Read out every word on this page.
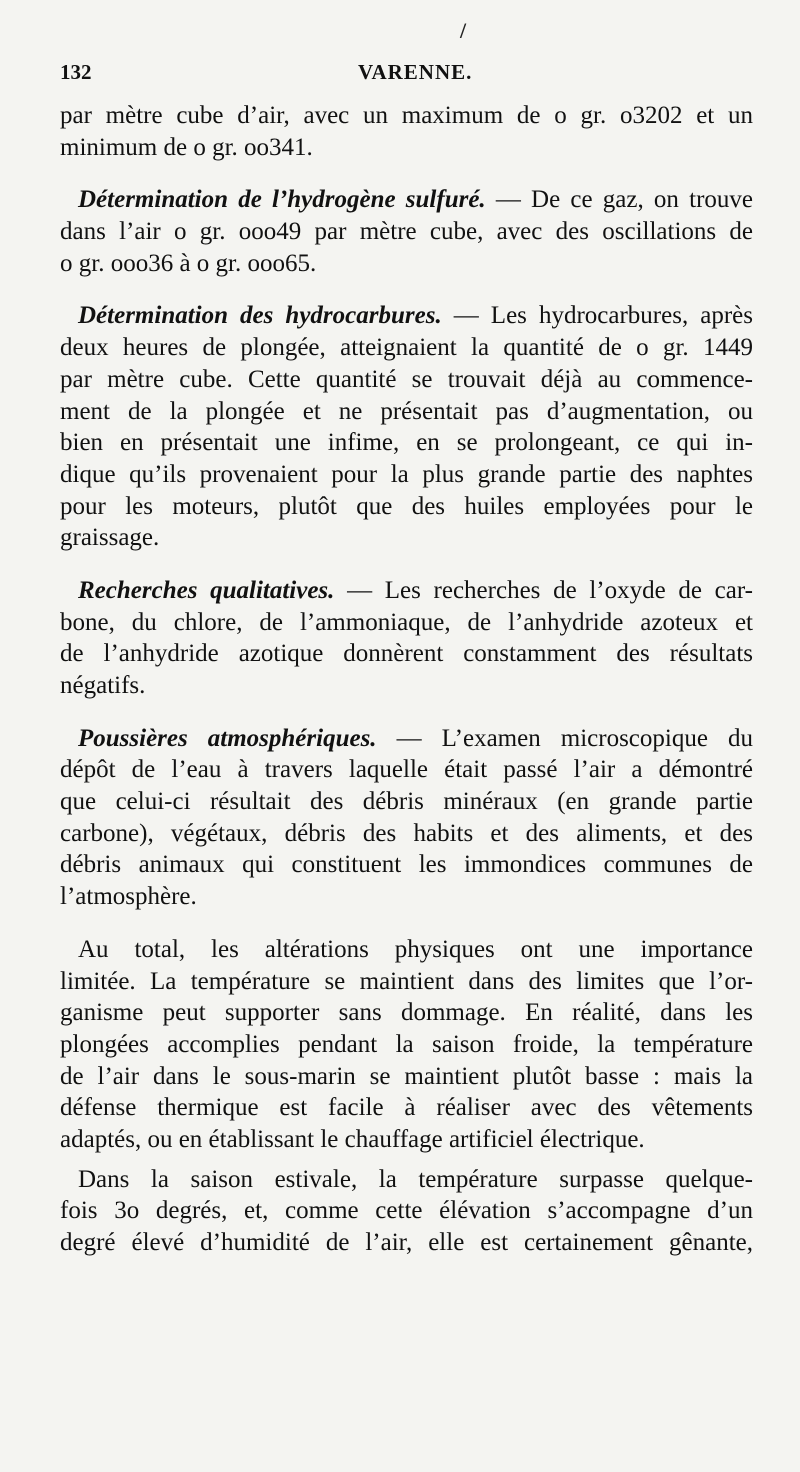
/
132	VARENNE.
par mètre cube d’air, avec un maximum de o gr. o3202 et un
minimum de o gr. oo341.
Détermination de l’hydrogène sulfuré. — De ce gaz, on trouve
dans l’air o gr. ooo49 par mètre cube, avec des oscillations de
o gr. ooo36 à o gr. ooo65.
Détermination des hydrocarbures. — Les hydrocarbures, après
deux heures de plongée, atteignaient la quantité de o gr. 1449
par mètre cube. Cette quantité se trouvait déjà au commence-
ment de la plongée et ne présentait pas d’augmentation, ou
bien en présentait une infime, en se prolongeant, ce qui in-
dique qu’ils provenaient pour la plus grande partie des naphtes
pour les moteurs, plutôt que des huiles employées pour le
graissage.
Recherches qualitatives. — Les recherches de l’oxyde de car-
bone, du chlore, de l’ammoniaque, de l’anhydride azoteux et
de l’anhydride azotique donnèrent constamment des résultats
négatifs.
Poussières atmosphériques. — L’examen microscopique du
dépôt de l’eau à travers laquelle était passé l’air a démontré
que celui-ci résultait des débris minéraux (en grande partie
carbone), végétaux, débris des habits et des aliments, et des
débris animaux qui constituent les immondices communes de
l’atmosphère.
Au total, les altérations physiques ont une importance
limitée. La température se maintient dans des limites que l’or-
ganisme peut supporter sans dommage. En réalité, dans les
plongées accomplies pendant la saison froide, la température
de l’air dans le sous-marin se maintient plutôt basse : mais la
défense thermique est facile à réaliser avec des vêtements
adaptés, ou en établissant le chauffage artificiel électrique.
Dans la saison estivale, la température surpasse quelque-
fois 3o degrés, et, comme cette élévation s’accompagne d’un
degré élevé d’humidité de l’air, elle est certainement gênante,
